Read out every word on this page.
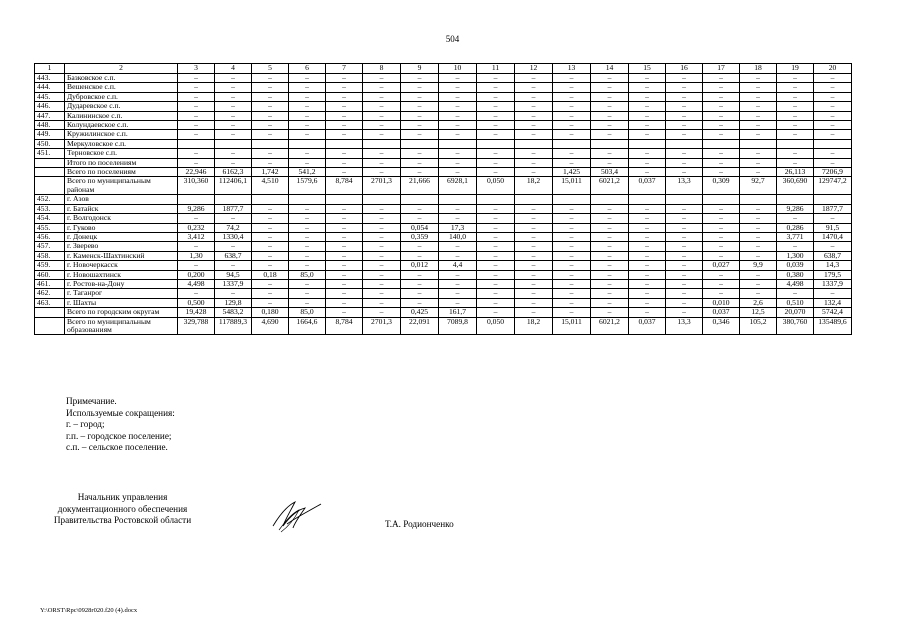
504
1	2	3	4	5	6	7	8	9	10	11	12	13	14	15	16	17	18	19	20
443.	Базковское с.п.	–	–	–	–	–	–	–	–	–	–	–	–	–	–	–	–	–	–
444.	Вешенское с.п.	–	–	–	–	–	–	–	–	–	–	–	–	–	–	–	–	–	–
445.	Дубровское с.п.	–	–	–	–	–	–	–	–	–	–	–	–	–	–	–	–	–	–
446.	Дударевское с.п.	–	–	–	–	–	–	–	–	–	–	–	–	–	–	–	–	–	–
447.	Калининское с.п.	–	–	–	–	–	–	–	–	–	–	–	–	–	–	–	–	–	–
448.	Колундаевское с.п.	–	–	–	–	–	–	–	–	–	–	–	–	–	–	–	–	–	–
449.	Кружилинское с.п.	–	–	–	–	–	–	–	–	–	–	–	–	–	–	–	–	–	–
450.	Меркуловское с.п.																		
451.	Терновское с.п.	–	–	–	–	–	–	–	–	–	–	–	–	–	–	–	–	–	–
	Итого по поселениям	–	–	–	–	–	–	–	–	–	–	–	–	–	–	–	–	–	–
	Всего по поселениям	22,946	6162,3	1,742	541,2	–	–	–	–	–	–	1,425	503,4	–	–	–	–	26,113	7206,9
	Всего по муниципальным районам	310,360	112406,1	4,510	1579,6	8,784	2701,3	21,666	6928,1	0,050	18,2	15,011	6021,2	0,037	13,3	0,309	92,7	360,690	129747,2
452.	г. Азов																		
453.	г. Батайск	9,286	1877,7	–	–	–	–	–	–	–	–	–	–	–	–	–	–	9,286	1877,7
454.	г. Волгодонск	–	–	–	–	–	–	–	–	–	–	–	–	–	–	–	–	–	–
455.	г. Гуково	0,232	74,2	–	–	–	–	0,054	17,3	–	–	–	–	–	–	–	–	0,286	91,5
456.	г. Донецк	3,412	1330,4	–	–	–	–	0,359	140,0	–	–	–	–	–	–	–	–	3,771	1470,4
457.	г. Зверево	–	–	–	–	–	–	–	–	–	–	–	–	–	–	–	–	–	–
458.	г. Каменск-Шахтинский	1,30	638,7	–	–	–	–	–	–	–	–	–	–	–	–	–	–	1,300	638,7
459.	г. Новочеркасск	–	–	–	–	–	–	0,012	4,4	–	–	–	–	–	–	0,027	9,9	0,039	14,3
460.	г. Новошахтинск	0,200	94,5	0,18	85,0	–	–	–	–	–	–	–	–	–	–	–	–	0,380	179,5
461.	г. Ростов-на-Дону	4,498	1337,9	–	–	–	–	–	–	–	–	–	–	–	–	–	–	4,498	1337,9
462.	г. Таганрог	–	–	–	–	–	–	–	–	–	–	–	–	–	–	–	–	–	–
463.	г. Шахты	0,500	129,8	–	–	–	–	–	–	–	–	–	–	–	–	0,010	2,6	0,510	132,4
	Всего по городским округам	19,428	5483,2	0,180	85,0	–	–	0,425	161,7	–	–	–	–	–	–	0,037	12,5	20,070	5742,4
	Всего по муниципальным образованиям	329,788	117889,3	4,690	1664,6	8,784	2701,3	22,091	7089,8	0,050	18,2	15,011	6021,2	0,037	13,3	0,346	105,2	380,760	135489,6
Примечание.
Используемые сокращения:
г. – город;
г.п. – городское поселение;
с.п. – сельское поселение.
Начальник управления
документационного обеспечения
Правительства Ростовской области	Т.А. Родионченко
Y:\ORST\Rpc\0928r020.f20 (4).docx
